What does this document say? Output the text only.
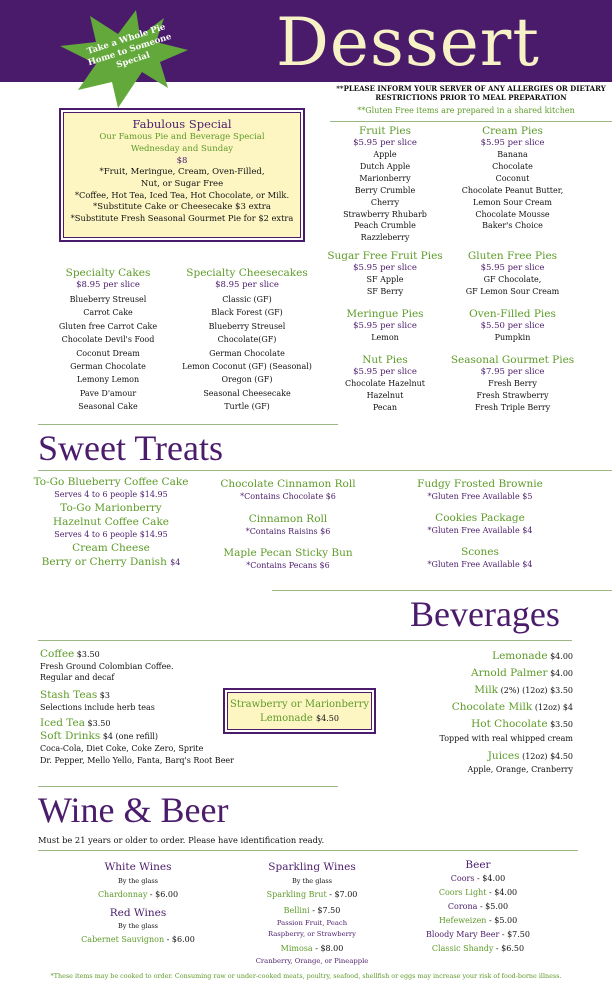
Dessert
Take a Whole Pie Home to Someone Special
**PLEASE INFORM YOUR SERVER OF ANY ALLERGIES OR DIETARY
RESTRICTIONS PRIOR TO MEAL PREPARATION
**Gluten Free items are prepared in a shared kitchen
Fabulous Special
Our Famous Pie and Beverage Special
Wednesday and Sunday
$8
*Fruit, Meringue, Cream, Oven-Filled,
Nut, or Sugar Free
*Coffee, Hot Tea, Iced Tea, Hot Chocolate, or Milk.
*Substitute Cake or Cheesecake $3 extra
*Substitute Fresh Seasonal Gourmet Pie for $2 extra
Specialty Cakes
$8.95 per slice
Blueberry Streusel
Carrot Cake
Gluten free Carrot Cake
Chocolate Devil's Food
Coconut Dream
German Chocolate
Lemony Lemon
Pave D'amour
Seasonal Cake
Specialty Cheesecakes
$8.95 per slice
Classic (GF)
Black Forest (GF)
Blueberry Streusel
Chocolate(GF)
German Chocolate
Lemon Coconut (GF) (Seasonal)
Oregon (GF)
Seasonal Cheesecake
Turtle (GF)
Fruit Pies
$5.95 per slice
Apple
Dutch Apple
Marionberry
Berry Crumble
Cherry
Strawberry Rhubarb
Peach Crumble
Razzleberry
Sugar Free Fruit Pies
$5.95 per slice
SF Apple
SF Berry
Meringue Pies
$5.95 per slice
Lemon
Nut Pies
$5.95 per slice
Chocolate Hazelnut
Hazelnut
Pecan
Cream Pies
$5.95 per slice
Banana
Chocolate
Coconut
Chocolate Peanut Butter,
Lemon Sour Cream
Chocolate Mousse
Baker's Choice
Gluten Free Pies
$5.95 per slice
GF Chocolate,
GF Lemon Sour Cream
Oven-Filled Pies
$5.50 per slice
Pumpkin
Seasonal Gourmet Pies
$7.95 per slice
Fresh Berry
Fresh Strawberry
Fresh Triple Berry
Sweet Treats
To-Go Blueberry Coffee Cake
Serves 4 to 6 people $14.95
To-Go Marionberry
Hazelnut Coffee Cake
Serves 4 to 6 people $14.95
Cream Cheese
Berry or Cherry Danish $4
Chocolate Cinnamon Roll
*Contains Chocolate $6
Cinnamon Roll
*Contains Raisins $6
Maple Pecan Sticky Bun
*Contains Pecans $6
Fudgy Frosted Brownie
*Gluten Free Available $5
Cookies Package
*Gluten Free Available $4
Scones
*Gluten Free Available $4
Beverages
Coffee $3.50
Fresh Ground Colombian Coffee.
Regular and decaf
Stash Teas $3
Selections include herb teas
Iced Tea $3.50
Soft Drinks $4 (one refill)
Coca-Cola, Diet Coke, Coke Zero, Sprite
Dr. Pepper, Mello Yello, Fanta, Barq's Root Beer
Strawberry or Marionberry
Lemonade $4.50
Lemonade $4.00
Arnold Palmer $4.00
Milk (2%) (12oz) $3.50
Chocolate Milk (12oz) $4
Hot Chocolate $3.50
Topped with real whipped cream
Juices (12oz) $4.50
Apple, Orange, Cranberry
Wine & Beer
Must be 21 years or older to order. Please have identification ready.
White Wines
By the glass
Chardonnay - $6.00
Red Wines
By the glass
Cabernet Sauvignon - $6.00
Sparkling Wines
By the glass
Sparkling Brut - $7.00
Bellini - $7.50
Passion Fruit, Peach
Raspberry, or Strawberry
Mimosa - $8.00
Cranberry, Orange, or Pineapple
Beer
Coors - $4.00
Coors Light - $4.00
Corona - $5.00
Hefeweizen - $5.00
Bloody Mary Beer - $7.50
Classic Shandy - $6.50
*These items may be cooked to order. Consuming raw or under-cooked meats, poultry, seafood, shellfish or eggs may increase your risk of food-borne illness.
